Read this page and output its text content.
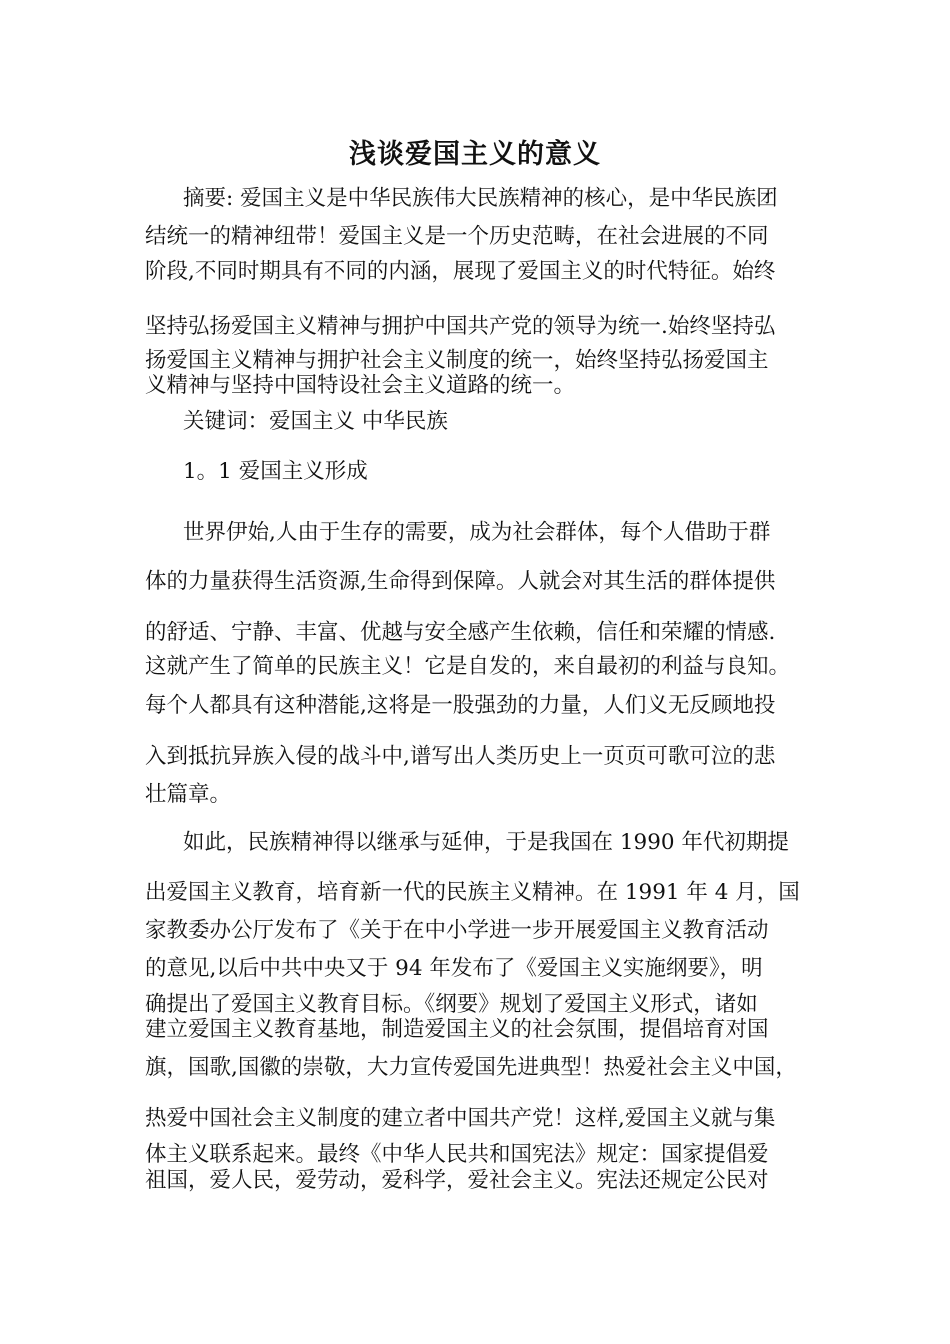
浅谈爱国主义的意义

摘要: 爱国主义是中华民族伟大民族精神的核心，是中华民族团

结统一的精神纽带！爱国主义是一个历史范畴，在社会进展的不同

阶段,不同时期具有不同的内涵，展现了爱国主义的时代特征。始终

坚持弘扬爱国主义精神与拥护中国共产党的领导为统一.始终坚持弘

扬爱国主义精神与拥护社会主义制度的统一，始终坚持弘扬爱国主

义精神与坚持中国特设社会主义道路的统一。

关键词：爱国主义 中华民族

1。1 爱国主义形成

世界伊始,人由于生存的需要，成为社会群体，每个人借助于群

体的力量获得生活资源,生命得到保障。人就会对其生活的群体提供

的舒适、宁静、丰富、优越与安全感产生依赖，信任和荣耀的情感.

这就产生了简单的民族主义！它是自发的，来自最初的利益与良知。

每个人都具有这种潜能,这将是一股强劲的力量，人们义无反顾地投

入到抵抗异族入侵的战斗中,谱写出人类历史上一页页可歌可泣的悲

壮篇章。

如此，民族精神得以继承与延伸，于是我国在 1990 年代初期提

出爱国主义教育，培育新一代的民族主义精神。在 1991 年 4 月，国

家教委办公厅发布了《关于在中小学进一步开展爱国主义教育活动

的意见,以后中共中央又于 94 年发布了《爱国主义实施纲要》，明

确提出了爱国主义教育目标。《纲要》规划了爱国主义形式，诸如

建立爱国主义教育基地，制造爱国主义的社会氛围，提倡培育对国

旗，国歌,国徽的崇敬，大力宣传爱国先进典型！热爱社会主义中国，

热爱中国社会主义制度的建立者中国共产党！这样,爱国主义就与集

体主义联系起来。最终《中华人民共和国宪法》规定：国家提倡爱

祖国，爱人民，爱劳动，爱科学，爱社会主义。宪法还规定公民对
